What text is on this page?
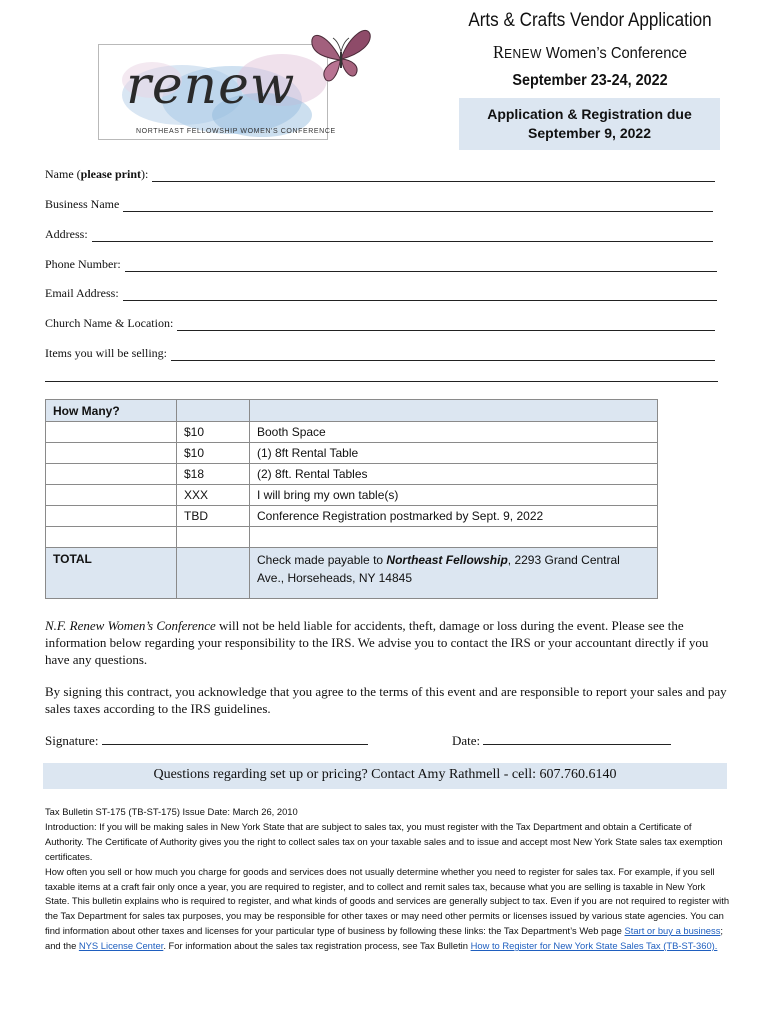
renew
NORTHEAST FELLOWSHIP WOMEN'S CONFERENCE
Arts & Crafts Vendor Application
RENEW Women’s Conference
September 23-24, 2022
Application & Registration due
September 9, 2022
Name (please print):
Business Name
Address:
Phone Number:
Email Address:
Church Name & Location:
Items you will be selling:
How Many?		
	$10	Booth Space
	$10	(1) 8ft Rental Table
	$18	(2) 8ft. Rental Tables
	XXX	I will bring my own table(s)
	TBD	Conference Registration postmarked by Sept. 9, 2022

TOTAL		Check made payable to Northeast Fellowship, 2293 Grand Central
Ave., Horseheads, NY 14845
N.F. Renew Women’s Conference will not be held liable for accidents, theft, damage or loss during the event. Please see the information below regarding your responsibility to the IRS. We advise you to contact the IRS or your accountant directly if you have any questions.
By signing this contract, you acknowledge that you agree to the terms of this event and are responsible to report your sales and pay sales taxes according to the IRS guidelines.
Signature:	Date:
Questions regarding set up or pricing? Contact Amy Rathmell - cell: 607.760.6140
Tax Bulletin ST-175 (TB-ST-175) Issue Date: March 26, 2010
Introduction: If you will be making sales in New York State that are subject to sales tax, you must register with the Tax Department and obtain a Certificate of Authority. The Certificate of Authority gives you the right to collect sales tax on your taxable sales and to issue and accept most New York State sales tax exemption certificates.
How often you sell or how much you charge for goods and services does not usually determine whether you need to register for sales tax. For example, if you sell taxable items at a craft fair only once a year, you are required to register, and to collect and remit sales tax, because what you are selling is taxable in New York State. This bulletin explains who is required to register, and what kinds of goods and services are generally subject to tax. Even if you are not required to register with the Tax Department for sales tax purposes, you may be responsible for other taxes or may need other permits or licenses issued by various state agencies. You can find information about other taxes and licenses for your particular type of business by following these links: the Tax Department’s Web page Start or buy a business; and the NYS License Center. For information about the sales tax registration process, see Tax Bulletin How to Register for New York State Sales Tax (TB-ST-360).
